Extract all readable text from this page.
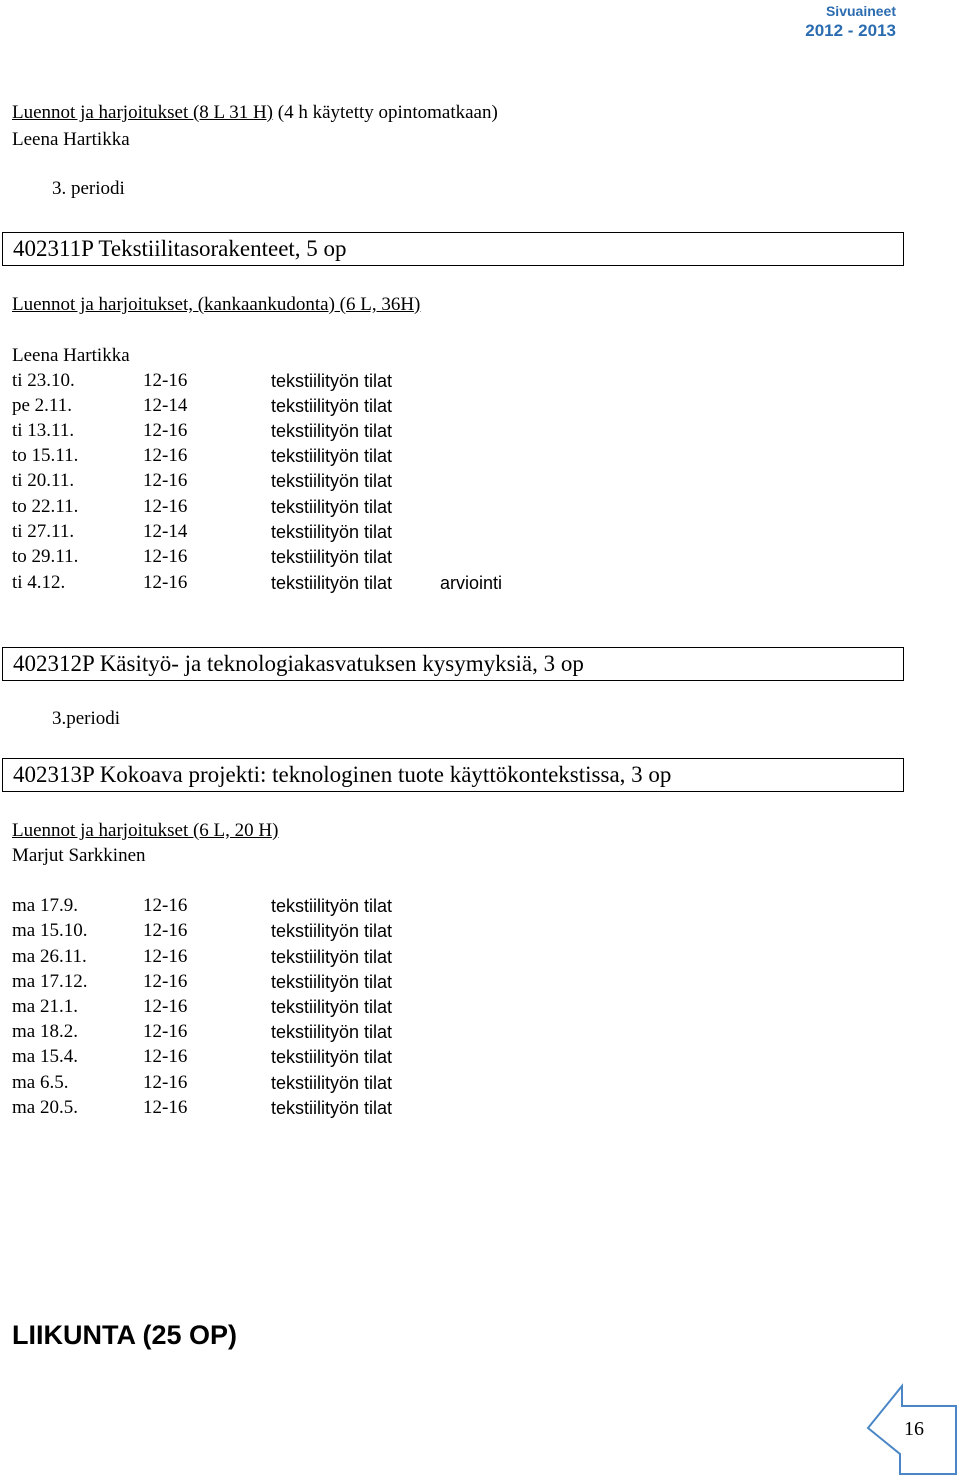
Sivuaineet
2012 - 2013
Luennot ja harjoitukset (8 L 31 H) (4 h käytetty opintomatkaan)
Leena Hartikka
3. periodi
402311P Tekstiilitasorakenteet, 5 op
Luennot ja harjoitukset, (kankaankudonta) (6 L, 36H)
Leena Hartikka
ti 23.10.	12-16	tekstiilityön tilat
pe 2.11.	12-14	tekstiilityön tilat
ti 13.11.	12-16	tekstiilityön tilat
to 15.11.	12-16	tekstiilityön tilat
ti 20.11.	12-16	tekstiilityön tilat
to 22.11.	12-16	tekstiilityön tilat
ti 27.11.	12-14	tekstiilityön tilat
to 29.11.	12-16	tekstiilityön tilat
ti 4.12.	12-16	tekstiilityön tilat	arviointi
402312P Käsityö- ja teknologiakasvatuksen kysymyksiä, 3 op
3.periodi
402313P Kokoava projekti: teknologinen tuote käyttökontekstissa, 3 op
Luennot ja harjoitukset (6 L, 20 H)
Marjut Sarkkinen
ma 17.9.	12-16	tekstiilityön tilat
ma 15.10.	12-16	tekstiilityön tilat
ma 26.11.	12-16	tekstiilityön tilat
ma 17.12.	12-16	tekstiilityön tilat
ma 21.1.	12-16	tekstiilityön tilat
ma 18.2.	12-16	tekstiilityön tilat
ma 15.4.	12-16	tekstiilityön tilat
ma 6.5.	12-16	tekstiilityön tilat
ma 20.5.	12-16	tekstiilityön tilat
LIIKUNTA (25 OP)
16
